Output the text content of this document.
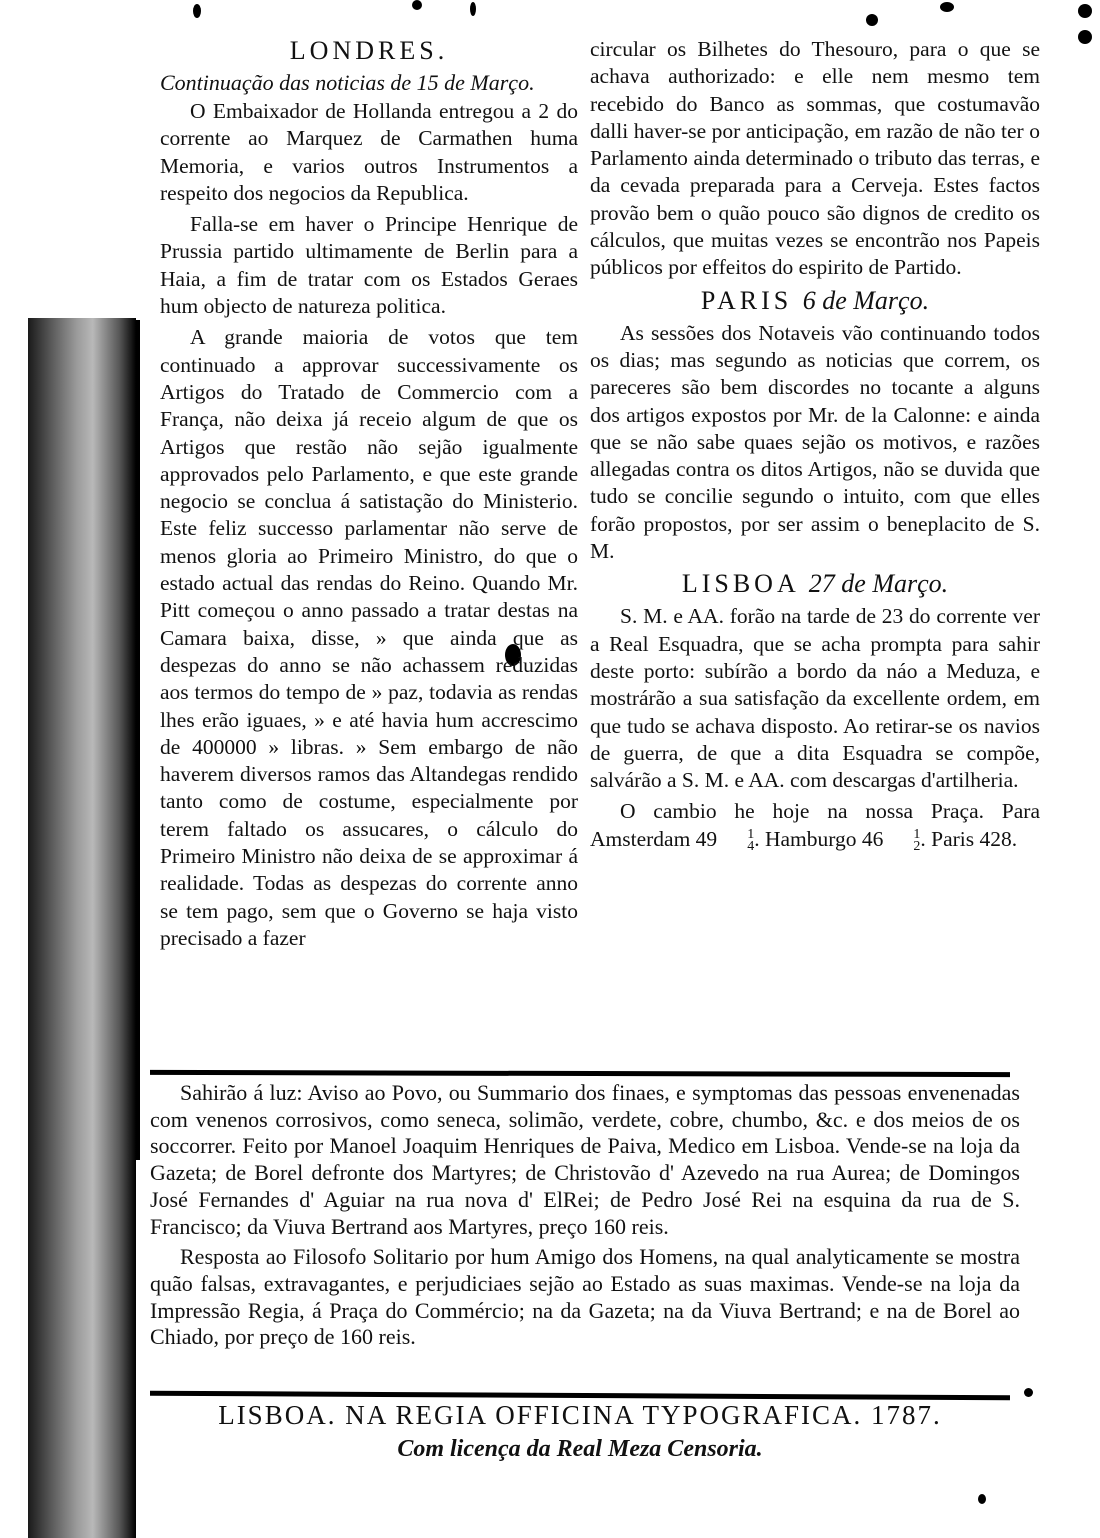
LONDRES.
Continuação das noticias de 15 de Março.

O Embaixador de Hollanda entregou a 2 do corrente ao Marquez de Carmathen huma Memoria, e varios outros Instrumentos a respeito dos negocios da Republica.

Falla-se em haver o Principe Henrique de Prussia partido ultimamente de Berlin para a Haia, a fim de tratar com os Estados Geraes hum objecto de natureza politica.

A grande maioria de votos que tem continuado a approvar successivamente os Artigos do Tratado de Commercio com a França, não deixa já receio algum de que os Artigos que restão não sejão igualmente approvados pelo Parlamento, e que este grande negocio se conclua á satistação do Ministerio. Este feliz successo parlamentar não serve de menos gloria ao Primeiro Ministro, do que o estado actual das rendas do Reino. Quando Mr. Pitt começou o anno passado a tratar destas na Camara baixa, disse, » que ainda que as despezas do anno se não achassem reduzidas aos termos do tempo de » paz, todavia as rendas lhes erão iguaes, » e até havia hum accrescimo de 400000 » libras. » Sem embargo de não haverem diversos ramos das Altandegas rendido tanto como de costume, especialmente por terem faltado os assucares, o cálculo do Primeiro Ministro não deixa de se approximar á realidade. Todas as despezas do corrente anno se tem pago, sem que o Governo se haja visto precisado a fazer

circular os Bilhetes do Thesouro, para o que se achava authorizado: e elle nem mesmo tem recebido do Banco as sommas, que costumavão dalli haver-se por anticipação, em razão de não ter o Parlamento ainda determinado o tributo das terras, e da cevada preparada para a Cerveja. Estes factos provão bem o quão pouco são dignos de credito os cálculos, que muitas vezes se encontrão nos Papeis públicos por effeitos do espirito de Partido.

PARIS 6 de Março.

As sessões dos Notaveis vão continuando todos os dias; mas segundo as noticias que correm, os pareceres são bem discordes no tocante a alguns dos artigos expostos por Mr. de la Calonne: e ainda que se não sabe quaes sejão os motivos, e razões allegadas contra os ditos Artigos, não se duvida que tudo se concilie segundo o intuito, com que elles forão propostos, por ser assim o beneplacito de S. M.

LISBOA 27 de Março.

S. M. e AA. forão na tarde de 23 do corrente ver a Real Esquadra, que se acha prompta para sahir deste porto: subírão a bordo da náo a Meduza, e mostrárão a sua satisfação da excellente ordem, em que tudo se achava disposto. Ao retirar-se os navios de guerra, de que a dita Esquadra se compõe, salvárão a S. M. e AA. com descargas d'artilheria.

O cambio he hoje na nossa Praça. Para Amsterdam 49	1
4 . Hamburgo 46	1
2 . Paris 428.

Sahirão á luz: Aviso ao Povo, ou Summario dos finaes, e symptomas das pessoas envenenadas com venenos corrosivos, como seneca, solimão, verdete, cobre, chumbo, &c. e dos meios de os soccorrer. Feito por Manoel Joaquim Henriques de Paiva, Medico em Lisboa. Vende-se na loja da Gazeta; de Borel defronte dos Martyres; de Christovão d' Azevedo na rua Aurea; de Domingos José Fernandes d' Aguiar na rua nova d' ElRei; de Pedro José Rei na esquina da rua de S. Francisco; da Viuva Bertrand aos Martyres, preço 160 reis.

Resposta ao Filosofo Solitario por hum Amigo dos Homens, na qual analyticamente se mostra quão falsas, extravagantes, e perjudiciaes sejão ao Estado as suas maximas. Vende-se na loja da Impressão Regia, á Praça do Commércio; na da Gazeta; na da Viuva Bertrand; e na de Borel ao Chiado, por preço de 160 reis.

LISBOA. NA REGIA OFFICINA TYPOGRAFICA. 1787.
Com licença da Real Meza Censoria.
